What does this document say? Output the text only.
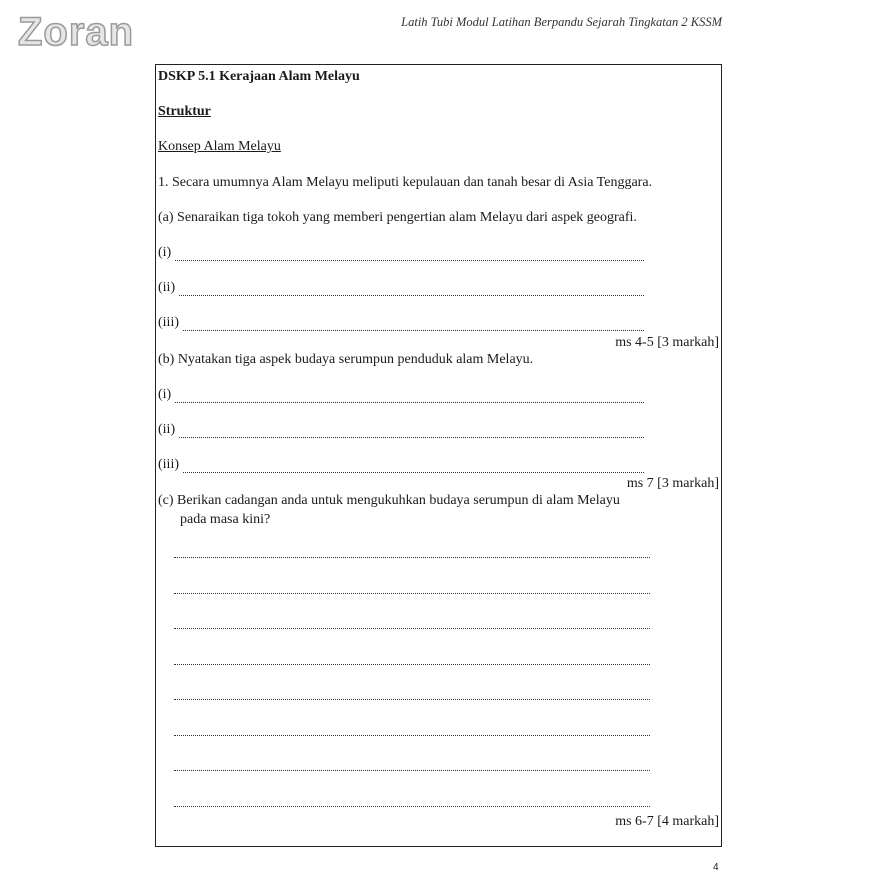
Zoran	Latih Tubi Modul Latihan Berpandu Sejarah Tingkatan 2 KSSM
DSKP 5.1 Kerajaan Alam Melayu
Struktur
Konsep Alam Melayu
1. Secara umumnya Alam Melayu meliputi kepulauan dan tanah besar di Asia Tenggara.
(a) Senaraikan tiga tokoh yang memberi pengertian alam Melayu dari aspek geografi.
(i)
(ii)
(iii)
ms 4-5 [3 markah]
(b) Nyatakan tiga aspek budaya serumpun penduduk alam Melayu.
(i)
(ii)
(iii)
ms 7 [3 markah]
(c) Berikan cadangan anda untuk mengukuhkan budaya serumpun di alam Melayu
pada masa kini?
ms 6-7 [4 markah]
4
